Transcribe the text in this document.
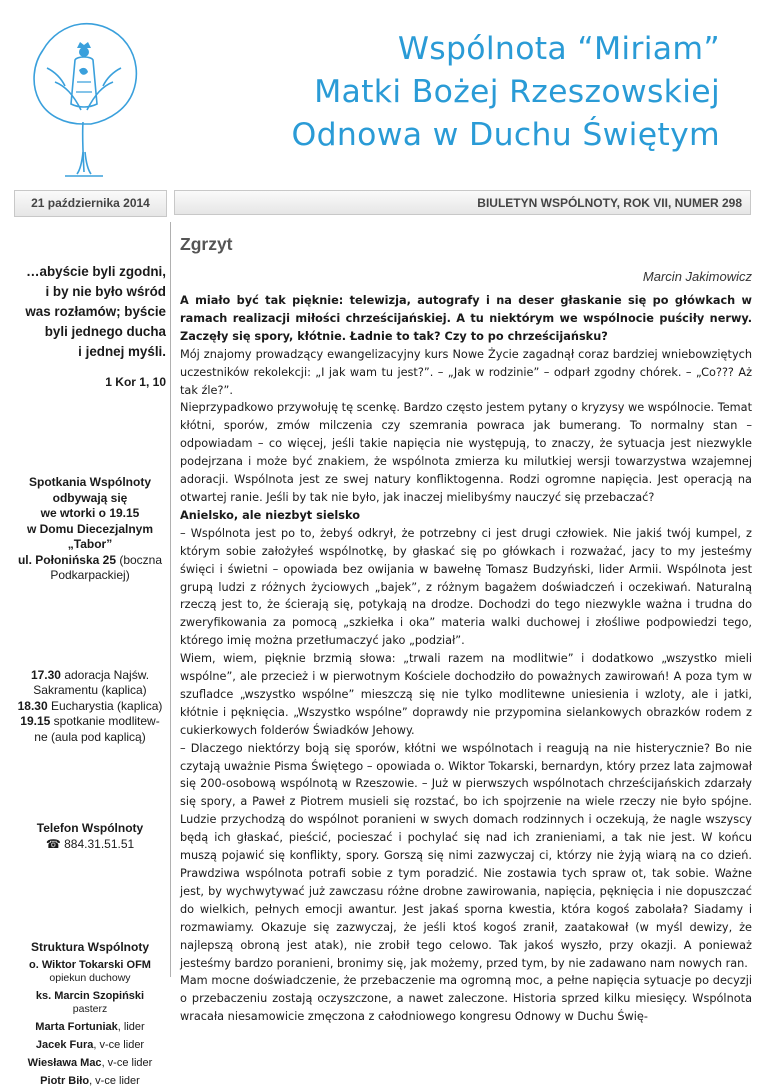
Wspólnota “Miriam”
Matki Bożej Rzeszowskiej
Odnowa w Duchu Świętym
21 października 2014	BIULETYN WSPÓLNOTY, ROK VII, NUMER 298
…abyście byli zgodni,
i by nie było wśród
was rozłamów; byście
byli jednego ducha
i jednej myśli.
1 Kor 1, 10
Spotkania Wspólnoty
odbywają się
we wtorki o 19.15
w Domu Diecezjalnym
„Tabor”
ul. Połonińska 25 (boczna
Podkarpackiej)
17.30 adoracja Najśw.
Sakramentu (kaplica)
18.30 Eucharystia (kaplica)
19.15 spotkanie modlitew-
ne (aula pod kaplicą)
Telefon Wspólnoty
☎ 884.31.51.51
Struktura Wspólnoty
o. Wiktor Tokarski OFM
opiekun duchowy
ks. Marcin Szopiński
pasterz
Marta Fortuniak, lider
Jacek Fura, v-ce lider
Wiesława Mac, v-ce lider
Piotr Biło, v-ce lider
Zgrzyt
Marcin Jakimowicz

A miało być tak pięknie: telewizja, autografy i na deser głaskanie się po główkach w ramach realizacji miłości chrześcijańskiej. A tu niektórym we wspólnocie puściły nerwy. Zaczęły się spory, kłótnie. Ładnie to tak? Czy to po chrześcijańsku?

Mój znajomy prowadzący ewangelizacyjny kurs Nowe Życie zagadnął coraz bardziej wniebowziętych uczestników rekolekcji: „I jak wam tu jest?”. – „Jak w rodzinie” – odparł zgodny chórek. – „Co??? Aż tak źle?”.

Nieprzypadkowo przywołuję tę scenkę. Bardzo często jestem pytany o kryzysy we wspólnocie. Temat kłótni, sporów, zmów milczenia czy szemrania powraca jak bumerang. To normalny stan – odpowiadam – co więcej, jeśli takie napięcia nie występują, to znaczy, że sytuacja jest niezwykle podejrzana i może być znakiem, że wspólnota zmierza ku milutkiej wersji towarzystwa wzajemnej adoracji. Wspólnota jest ze swej natury konfliktogenna. Rodzi ogromne napięcia. Jest operacją na otwartej ranie. Jeśli by tak nie było, jak inaczej mielibyśmy nauczyć się przebaczać?

Anielsko, ale niezbyt sielsko

– Wspólnota jest po to, żebyś odkrył, że potrzebny ci jest drugi człowiek. Nie jakiś twój kumpel, z którym sobie założyłeś wspólnotkę, by głaskać się po główkach i rozważać, jacy to my jesteśmy święci i świetni – opowiada bez owijania w bawełnę Tomasz Budzyński, lider Armii. Wspólnota jest grupą ludzi z różnych życiowych „bajek”, z różnym bagażem doświadczeń i oczekiwań. Naturalną rzeczą jest to, że ścierają się, potykają na drodze. Dochodzi do tego niezwykle ważna i trudna do zweryfikowania za pomocą „szkiełka i oka” materia walki duchowej i złośliwe podpowiedzi tego, którego imię można przetłumaczyć jako „podział”.

Wiem, wiem, pięknie brzmią słowa: „trwali razem na modlitwie” i dodatkowo „wszystko mieli wspólne”, ale przecież i w pierwotnym Kościele dochodziło do poważnych zawirowań! A poza tym w szufladce „wszystko wspólne” mieszczą się nie tylko modlitewne uniesienia i wzloty, ale i jatki, kłótnie i pęknięcia. „Wszystko wspólne” doprawdy nie przypomina sielankowych obrazków rodem z cukierkowych folderów Świadków Jehowy.

– Dlaczego niektórzy boją się sporów, kłótni we wspólnotach i reagują na nie histerycznie? Bo nie czytają uważnie Pisma Świętego – opowiada o. Wiktor Tokarski, bernardyn, który przez lata zajmował się 200-osobową wspólnotą w Rzeszowie. – Już w pierwszych wspólnotach chrześcijańskich zdarzały się spory, a Paweł z Piotrem musieli się rozstać, bo ich spojrzenie na wiele rzeczy nie było spójne. Ludzie przychodzą do wspólnot poranieni w swych domach rodzinnych i oczekują, że nagle wszyscy będą ich głaskać, pieścić, pocieszać i pochylać się nad ich zranieniami, a tak nie jest. W końcu muszą pojawić się konflikty, spory. Gorszą się nimi zazwyczaj ci, którzy nie żyją wiarą na co dzień. Prawdziwa wspólnota potrafi sobie z tym poradzić. Nie zostawia tych spraw ot, tak sobie. Ważne jest, by wychwytywać już zawczasu różne drobne zawirowania, napięcia, pęknięcia i nie dopuszczać do wielkich, pełnych emocji awantur. Jest jakaś sporna kwestia, która kogoś zabolała? Siadamy i rozmawiamy. Okazuje się zazwyczaj, że jeśli ktoś kogoś zranił, zaatakował (w myśl dewizy, że najlepszą obroną jest atak), nie zrobił tego celowo. Tak jakoś wyszło, przy okazji. A ponieważ jesteśmy bardzo poranieni, bronimy się, jak możemy, przed tym, by nie zadawano nam nowych ran.

Mam mocne doświadczenie, że przebaczenie ma ogromną moc, a pełne napięcia sytuacje po decyzji o przebaczeniu zostają oczyszczone, a nawet zaleczone. Historia sprzed kilku miesięcy. Wspólnota wracała niesamowicie zmęczona z całodniowego kongresu Odnowy w Duchu Świę-
